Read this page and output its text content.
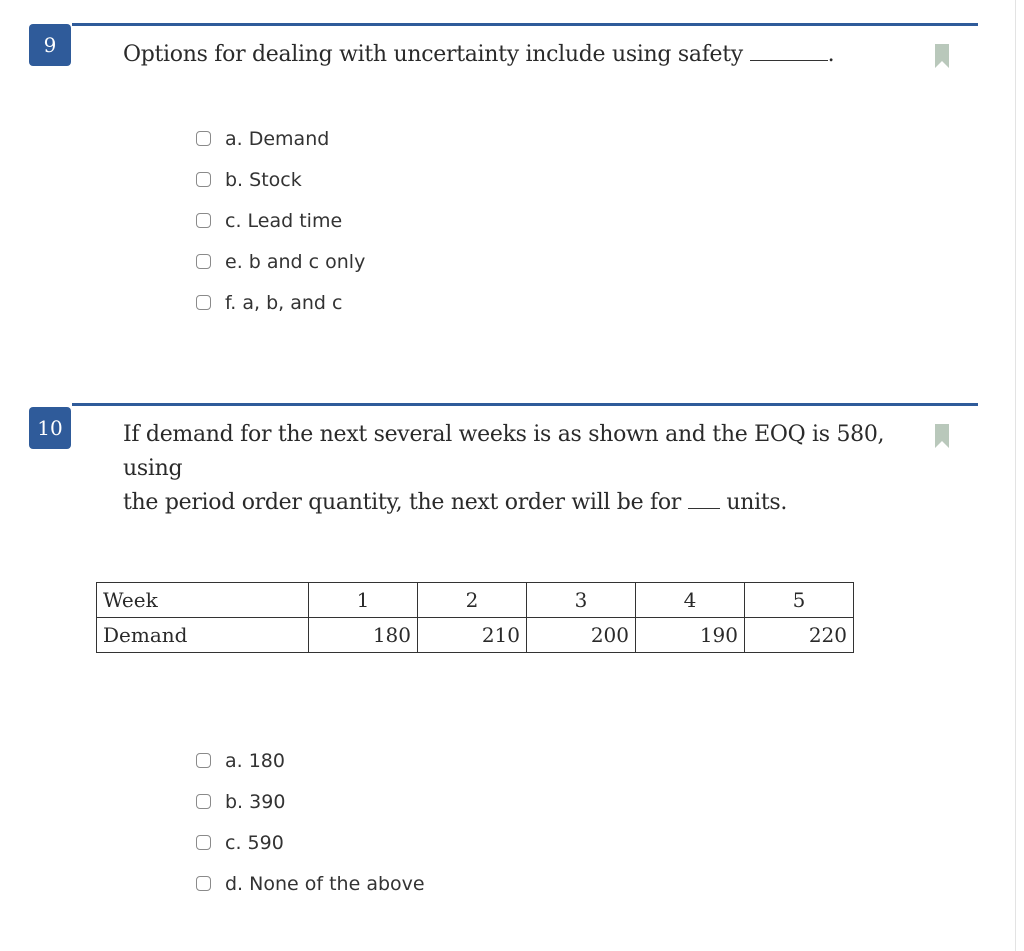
9	Options for dealing with uncertainty include using safety	.
a. Demand
b. Stock
c. Lead time
e. b and c only
f. a, b, and c
10	If demand for the next several weeks is as shown and the EOQ is 580, using
the period order quantity, the next order will be for units.
Week	1	2	3	4	5
Demand	180	210	200	190	220
a. 180
b. 390
c. 590
d. None of the above
